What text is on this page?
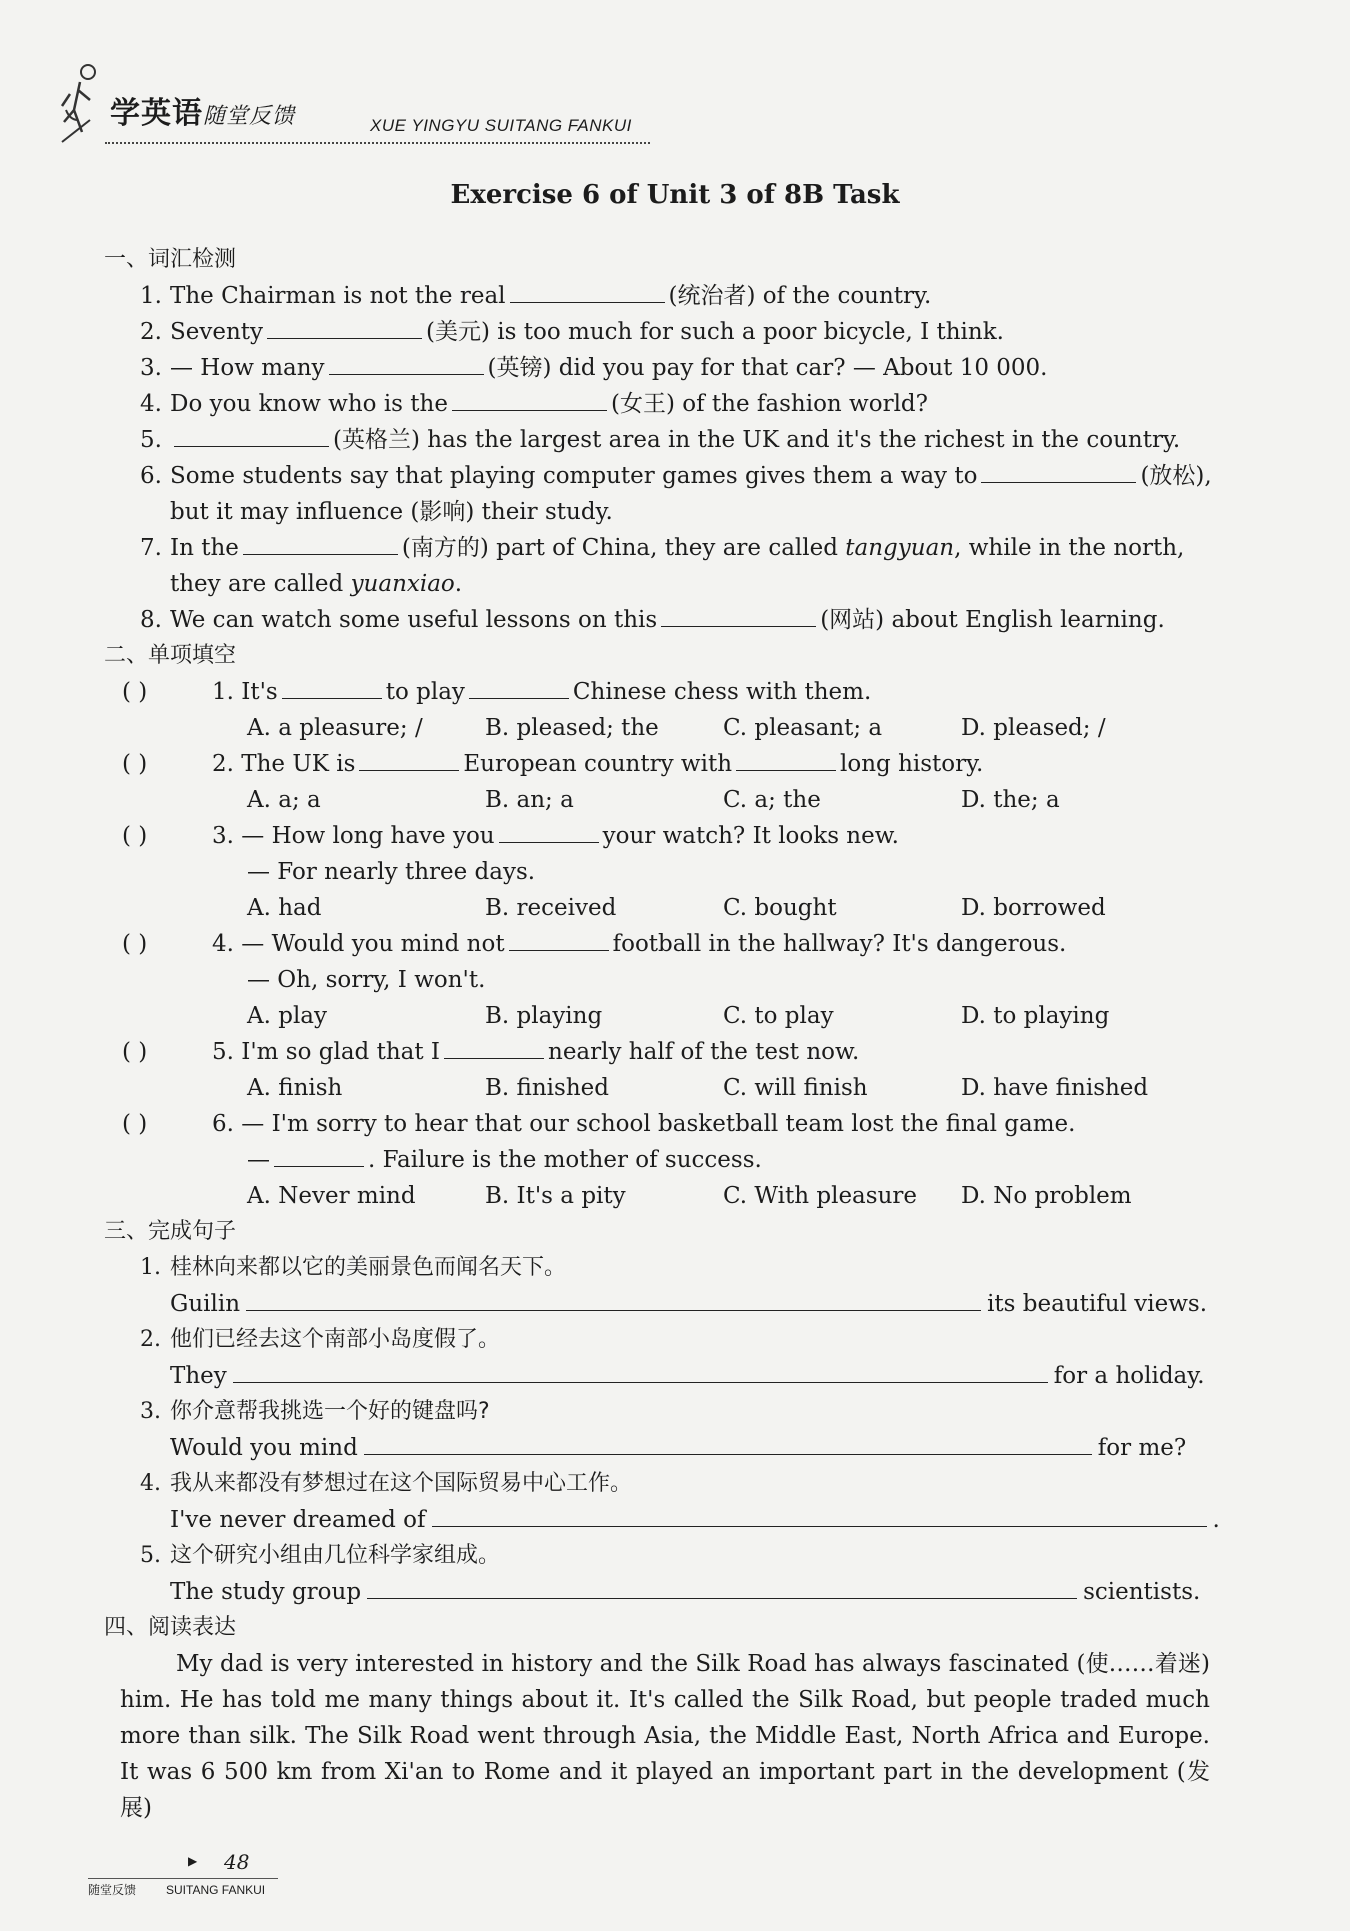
学英语随堂反馈	XUE YINGYU SUITANG FANKUI
Exercise 6 of Unit 3 of 8B Task
一、词汇检测
1. The Chairman is not the real	(统治者) of the country.
2. Seventy	(美元) is too much for such a poor bicycle, I think.
3. — How many	(英镑) did you pay for that car? — About 10 000.
4. Do you know who is the	(女王) of the fashion world?
5.	(英格兰) has the largest area in the UK and it's the richest in the country.
6. Some students say that playing computer games gives them a way to	(放松),
but it may influence (影响) their study.
7. In the	(南方的) part of China, they are called tangyuan, while in the north,
they are called yuanxiao.
8. We can watch some useful lessons on this	(网站) about English learning.
二、单项填空
( )	1. It's	to play	Chinese chess with them.
A. a pleasure; /	B. pleased; the	C. pleasant; a	D. pleased; /
( )	2. The UK is	European country with	long history.
A. a; a	B. an; a	C. a; the	D. the; a
( )	3. — How long have you	your watch? It looks new.
— For nearly three days.
A. had	B. received	C. bought	D. borrowed
( )	4. — Would you mind not	football in the hallway? It's dangerous.
— Oh, sorry, I won't.
A. play	B. playing	C. to play	D. to playing
( )	5. I'm so glad that I	nearly half of the test now.
A. finish	B. finished	C. will finish	D. have finished
( )	6. — I'm sorry to hear that our school basketball team lost the final game.
—	. Failure is the mother of success.
A. Never mind	B. It's a pity	C. With pleasure D. No problem
三、完成句子
1. 桂林向来都以它的美丽景色而闻名天下。
Guilin	its beautiful views.
2. 他们已经去这个南部小岛度假了。
They	for a holiday.
3. 你介意帮我挑选一个好的键盘吗?
Would you mind	for me?
4. 我从来都没有梦想过在这个国际贸易中心工作。
I've never dreamed of	.
5. 这个研究小组由几位科学家组成。
The study group	scientists.
四、阅读表达
My dad is very interested in history and the Silk Road has always fascinated (使……着迷) him. He has told me many things about it. It's called the Silk Road, but people traded much more than silk. The Silk Road went through Asia, the Middle East, North Africa and Europe. It was 6 500 km from Xi'an to Rome and it played an important part in the development (发展)
▶ 48
随堂反馈 SUITANG FANKUI
